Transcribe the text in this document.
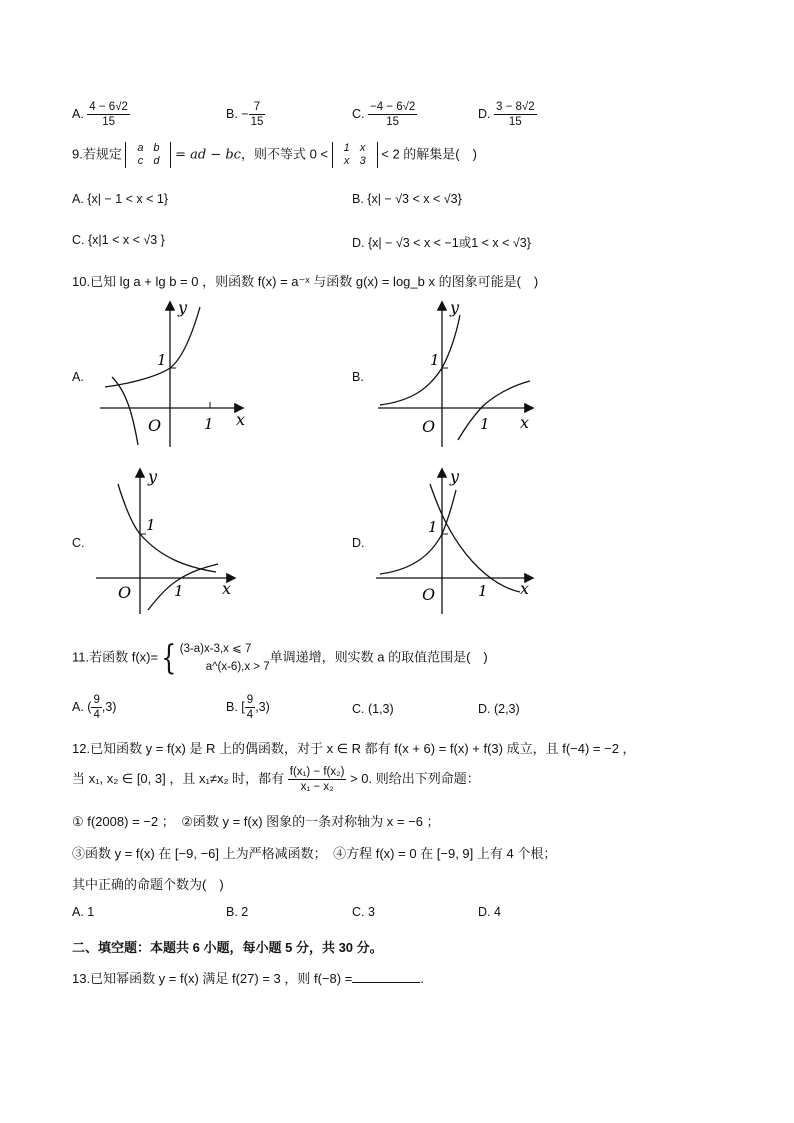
A. $\frac{4 - 6√2}{15}$	B. − $\frac{7}{15}$	C. $\frac{-4 - 6√2}{15}$	D. $\frac{3 - 8√2}{15}$
9.若规定 a b
c d = ad − bc，则不等式 0 < 1 x
x 3 < 2 的解集是(　)
A. {x| − 1 < x < 1}	B. {x| − √3 < x < √3}
C. {x|1 < x < √3 }	D. {x| − √3 < x < −1或1 < x < √3}
10.已知 lg a + lg b = 0 ，则函数 f(x) = a⁻ˣ 与函数 g(x) = log_b x 的图象可能是(　)
A.	B.
C.	D.
y
x
O
1
1
y
x
O
1
1
y
x
O
1
1
y
x
O
1
1
11.若函数 f(x)={ (3-a)x-3,x ⩽ 7
a^(x-6),x > 7单调递增，则实数 a 的取值范围是(　)
A. ( $\frac{9}{4} ,3$)	B. [ $\frac{9}{4} ,3$)	C. (1,3)	D. (2,3)
12.已知函数 y = f(x) 是 R 上的偶函数，对于 x ∈ R 都有 f(x + 6) = f(x) + f(3) 成立，且 f(−4) = −2 ，
当 x₁, x₂ ∈ [0, 3] ，且 x₁≠x₂ 时，都有 $\frac{\text{f(x₁) − f(x₂)}}{\text{x₁ − x₂}} > 0$. 则给出下列命题：
① f(2008) = −2 ；　②函数 y = f(x) 图象的一条对称轴为 x = −6 ；
③函数 y = f(x) 在 [−9, −6] 上为严格减函数；　④方程 f(x) = 0 在 [−9, 9] 上有 4 个根；
其中正确的命题个数为(　)
A. 1	B. 2	C. 3	D. 4
二、填空题：本题共 6 小题，每小题 5 分，共 30 分。
13.已知幂函数 y = f(x) 满足 f(27) = 3 ，则 f(−8) =	.
